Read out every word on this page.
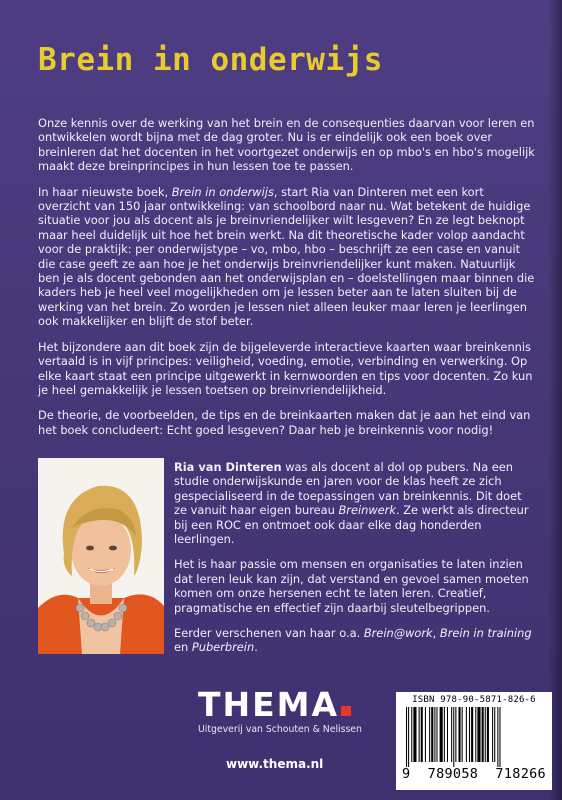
Brein in onderwijs

Onze kennis over de werking van het brein en de consequenties daarvan voor leren en ontwikkelen wordt bijna met de dag groter. Nu is er eindelijk ook een boek over breinleren dat het docenten in het voortgezet onderwijs en op mbo's en hbo's mogelijk maakt deze breinprincipes in hun lessen toe te passen.

In haar nieuwste boek, Brein in onderwijs, start Ria van Dinteren met een kort overzicht van 150 jaar ontwikkeling: van schoolbord naar nu. Wat betekent de huidige situatie voor jou als docent als je breinvriendelijker wilt lesgeven? En ze legt beknopt maar heel duidelijk uit hoe het brein werkt. Na dit theoretische kader volop aandacht voor de praktijk: per onderwijstype – vo, mbo, hbo – beschrijft ze een case en vanuit die case geeft ze aan hoe je het onderwijs breinvriendelijker kunt maken. Natuurlijk ben je als docent gebonden aan het onderwijsplan en – doelstellingen maar binnen die kaders heb je heel veel mogelijkheden om je lessen beter aan te laten sluiten bij de werking van het brein. Zo worden je lessen niet alleen leuker maar leren je leerlingen ook makkelijker en blijft de stof beter.

Het bijzondere aan dit boek zijn de bijgeleverde interactieve kaarten waar breinkennis vertaald is in vijf principes: veiligheid, voeding, emotie, verbinding en verwerking. Op elke kaart staat een principe uitgewerkt in kernwoorden en tips voor docenten. Zo kun je heel gemakkelijk je lessen toetsen op breinvriendelijkheid.

De theorie, de voorbeelden, de tips en de breinkaarten maken dat je aan het eind van het boek concludeert: Echt goed lesgeven? Daar heb je breinkennis voor nodig!

Ria van Dinteren was als docent al dol op pubers. Na een studie onderwijskunde en jaren voor de klas heeft ze zich gespecialiseerd in de toepassingen van breinkennis. Dit doet ze vanuit haar eigen bureau Breinwerk. Ze werkt als directeur bij een ROC en ontmoet ook daar elke dag honderden leerlingen.

Het is haar passie om mensen en organisaties te laten inzien dat leren leuk kan zijn, dat verstand en gevoel samen moeten komen om onze hersenen echt te laten leren. Creatief, pragmatische en effectief zijn daarbij sleutelbegrippen.

Eerder verschenen van haar o.a. Brein@work, Brein in training en Puberbrein.

THEMA
Uitgeverij van Schouten & Nelissen
www.thema.nl
ISBN 978-90-5871-826-6
9 789058 718266
